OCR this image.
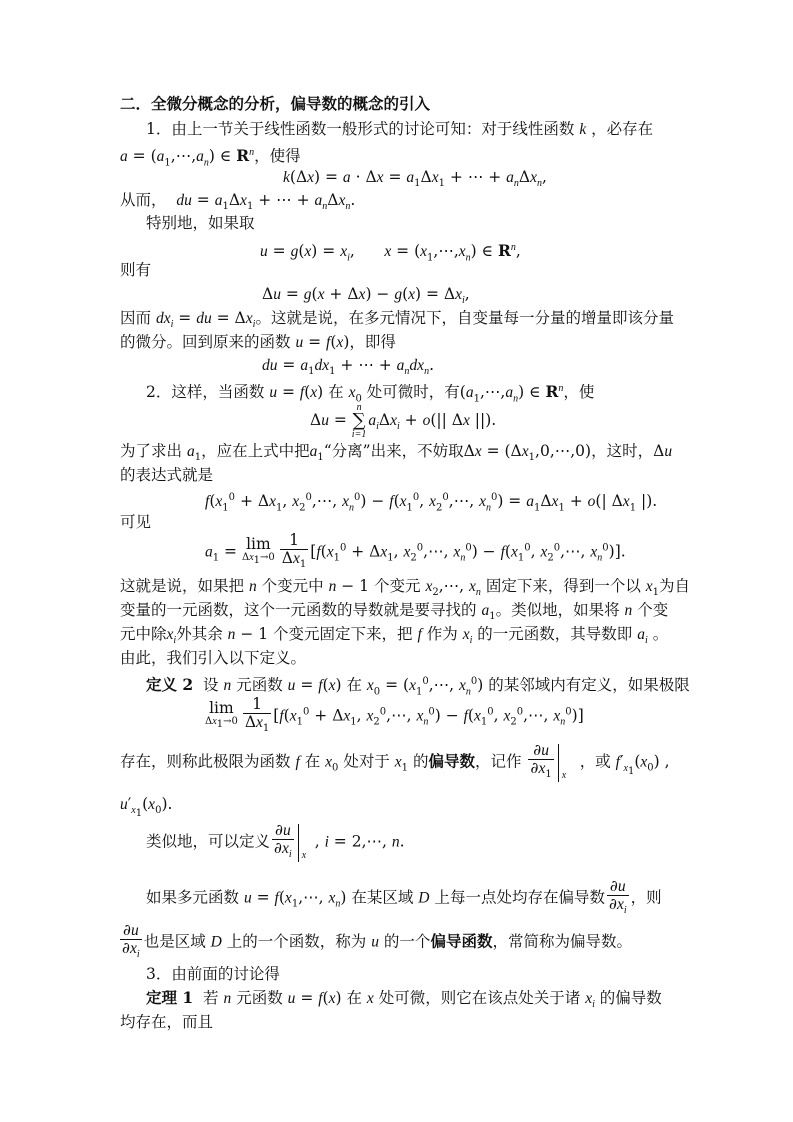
二．全微分概念的分析，偏导数的概念的引入
1．由上一节关于线性函数一般形式的讨论可知：对于线性函数 k ，必存在
$a = (a_1,\cdots,a_n)$ ∈ $R^n$，使得
$k(\Delta x) = a \cdot \Delta x = a_1\Delta x_1$ + ⋯ + $a_n\Delta x_n$,
从而， du = $a_1\Delta x_1$ + ⋯ + $a_n\Delta x_n$.
特别地，如果取
$u = g(x) = x_i$,      $x = (x_1,\cdots,x_n)$ ∈ $R^n$,
则有
$\Delta u = g(x + \Delta x) - g(x) = \Delta x_i$,
因而 $dx_i$ = du = $\Delta x_i$。这就是说，在多元情况下，自变量每一分量的增量即该分量
的微分。回到原来的函数 u = f(x)，即得
du = $a_1dx_1$ + ⋯ + $a_ndx_n$.
2．这样，当函数 u = f(x) 在 $x_0$ 处可微时，有$(a_1,\cdots,a_n)$ ∈ $R^n$，使
Δu =
n
∑
i=1
$a_i\Delta x_i + o(||$ Δx ||).
为了求出 $a_1$，应在上式中把$a_1“$分离”出来，不妨取$\Delta x = (\Delta x_1,0,\cdots,0)$，这时，Δu
的表达式就是
$f(x_1^0 + \Delta x_1$, $x_2^0,\cdots$, $x_n^0) - f(x_1^0$, $x_2^0,\cdots$, $x_n^0) = a_1\Delta x_1 + o(|$ $\Delta x_1$ |).
可见
$a_1 = \lim$
$\Delta x_1\to 0 \frac{1}{\Delta x_1} [f(x_1^0 + \Delta x_1$, $x_2^0,\cdots$, $x_n^0) - f(x_1^0$, $x_2^0,\cdots$, $x_n^0$)].
这就是说，如果把 n 个变元中 n − 1 个变元 $x_2,\cdots$, $x_n$ 固定下来，得到一个以 $x_1$为自
变量的一元函数，这个一元函数的导数就是要寻找的 $a_1$。类似地，如果将 n 个变
元中除$x_i$外其余 n − 1 个变元固定下来，把 f 作为 $x_i$ 的一元函数，其导数即 $a_i$ 。
由此，我们引入以下定义。
定义 2 设 n 元函数 u = f(x) 在 $x_0$ = ($x_1^0,\cdots$, $x_n^0$) 的某邻域内有定义，如果极限
lim
$\Delta x_1\to 0 \frac{1}{\Delta x_1} [f(x_1^0 + \Delta x_1$, $x_2^0,\cdots$, $x_n^0) - f(x_1^0$, $x_2^0,\cdots$, $x_n^0$)]
存在，则称此极限为函数 f 在 $x_0$ 处对于 $x_1$ 的偏导数，记作 $\frac{\partial u}{\partial x_1}$ x
，或 $f'_{x_1}(x_0)$ ,
$u'_{x_1}(x_0)$.
类似地，可以定义 $\frac{\partial u}{\partial x_i}$ x
, i = 2,⋯, n.
如果多元函数 $u = f(x_1,\cdots$, $x_n$) 在某区域 D 上每一点处均存在偏导数 $\frac{\partial u}{\partial x_i}$ ，则
$\frac{\partial u}{\partial x_i}$ 也是区域 D 上的一个函数，称为 u 的一个偏导函数，常简称为偏导数。
3．由前面的讨论得
定理 1 若 n 元函数 u = f(x) 在 x 处可微，则它在该点处关于诸 $x_i$ 的偏导数
均存在，而且
